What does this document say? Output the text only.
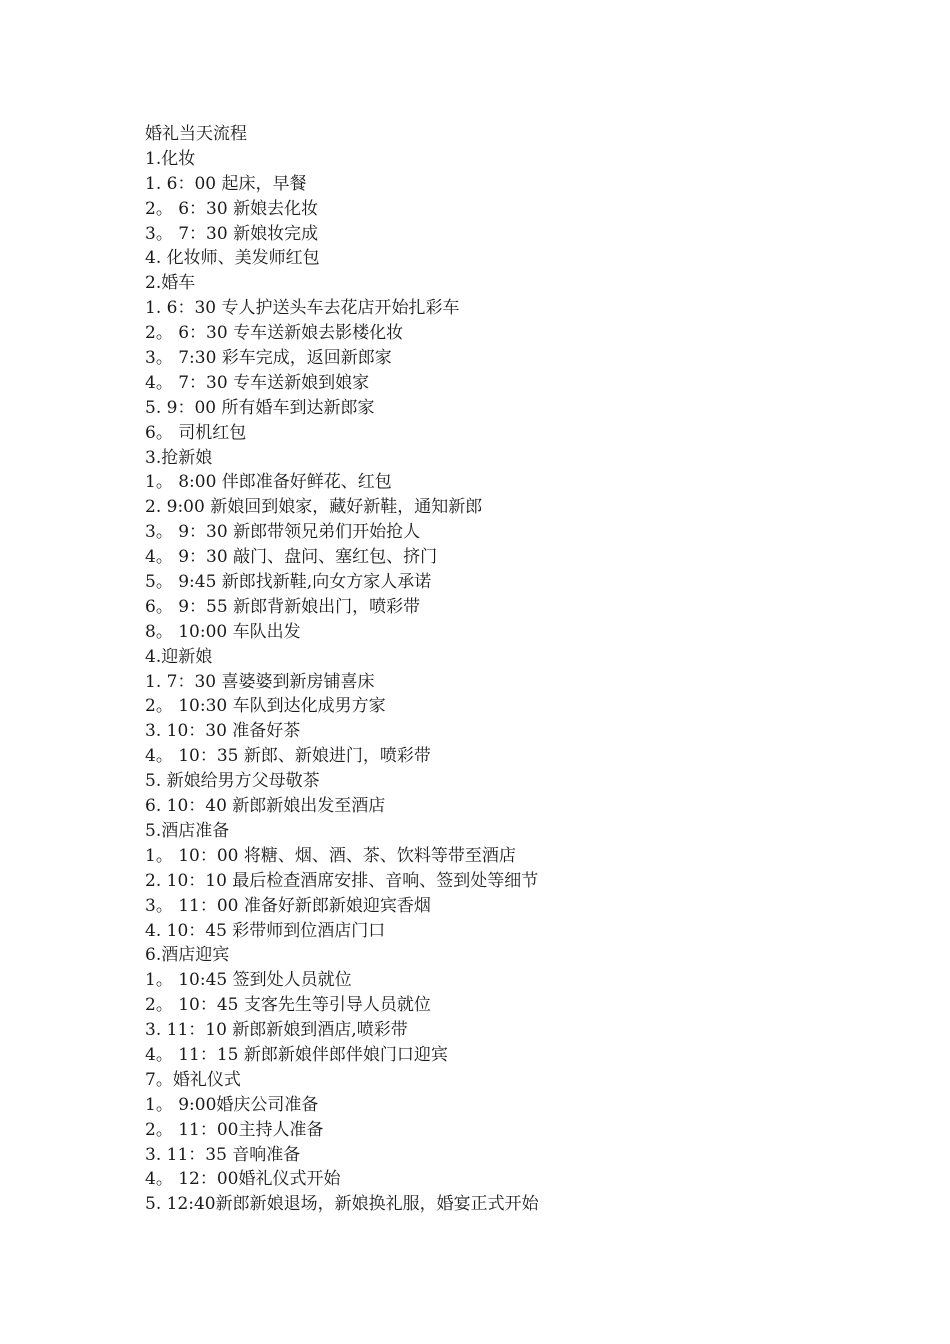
婚礼当天流程
1.化妆
1. 6：00 起床，早餐
2。 6：30 新娘去化妆
3。 7：30 新娘妆完成
4. 化妆师、美发师红包
2.婚车
1. 6：30 专人护送头车去花店开始扎彩车
2。 6：30 专车送新娘去影楼化妆
3。 7:30 彩车完成，返回新郎家
4。 7：30 专车送新娘到娘家
5. 9：00 所有婚车到达新郎家
6。 司机红包
3.抢新娘
1。 8:00 伴郎准备好鲜花、红包
2. 9:00 新娘回到娘家，藏好新鞋，通知新郎
3。 9：30 新郎带领兄弟们开始抢人
4。 9：30 敲门、盘问、塞红包、挤门
5。 9:45 新郎找新鞋,向女方家人承诺
6。 9：55 新郎背新娘出门，喷彩带
8。 10:00 车队出发
4.迎新娘
1. 7：30 喜婆婆到新房铺喜床
2。 10:30 车队到达化成男方家
3. 10：30 准备好茶
4。 10：35 新郎、新娘进门，喷彩带
5. 新娘给男方父母敬茶
6. 10：40 新郎新娘出发至酒店
5.酒店准备
1。 10：00 将糖、烟、酒、茶、饮料等带至酒店
2. 10：10 最后检查酒席安排、音响、签到处等细节
3。 11：00 准备好新郎新娘迎宾香烟
4. 10：45 彩带师到位酒店门口
6.酒店迎宾
1。 10:45 签到处人员就位
2。 10：45 支客先生等引导人员就位
3. 11：10 新郎新娘到酒店,喷彩带
4。 11：15 新郎新娘伴郎伴娘门口迎宾
7。婚礼仪式
1。 9:00婚庆公司准备
2。 11：00主持人准备
3. 11：35 音响准备
4。 12：00婚礼仪式开始
5. 12:40新郎新娘退场，新娘换礼服，婚宴正式开始
